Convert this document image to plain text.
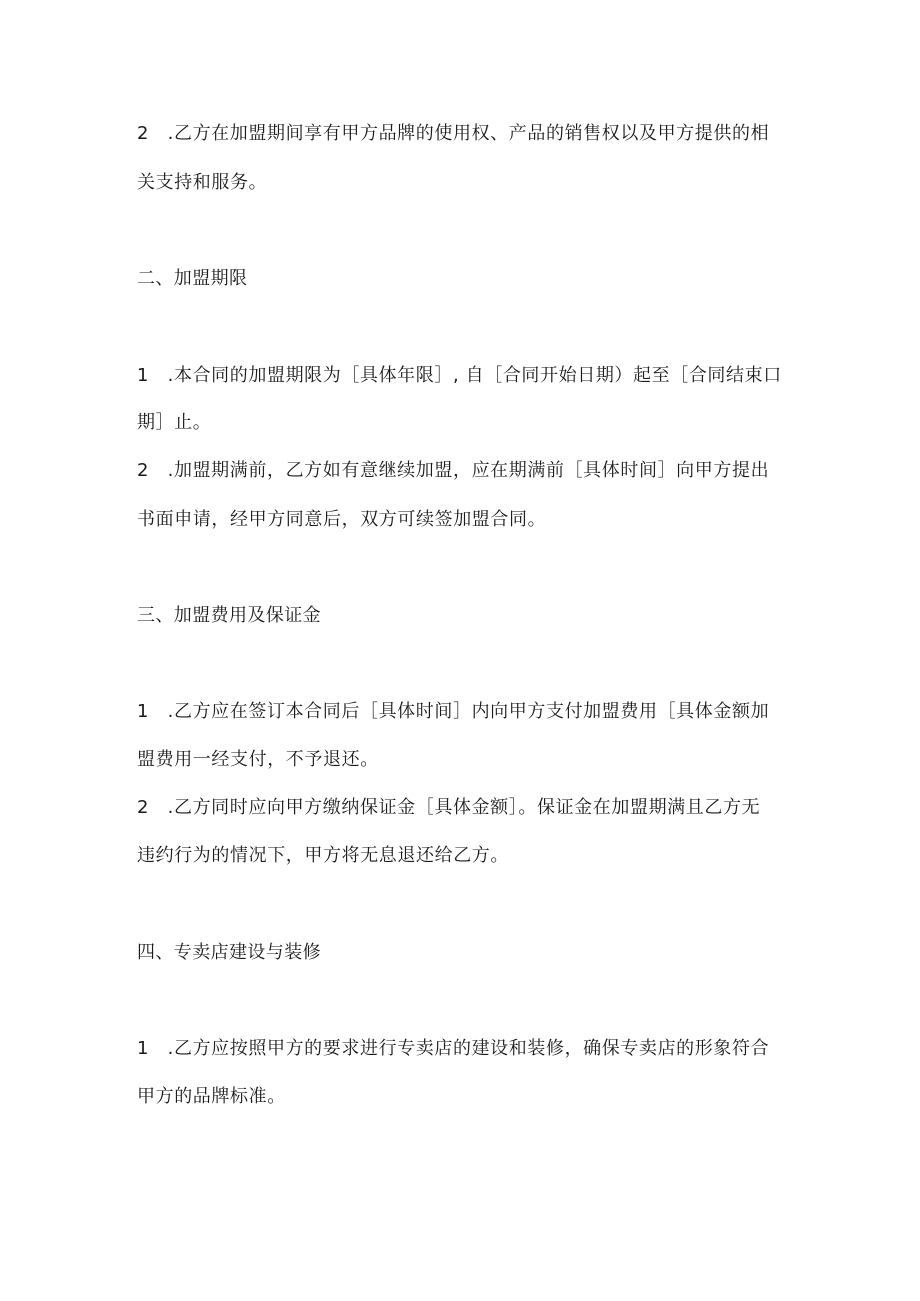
2　.乙方在加盟期间享有甲方品牌的使用权、产品的销售权以及甲方提供的相
关支持和服务。
二、加盟期限
1　.本合同的加盟期限为［具体年限］, 自［合同开始日期）起至［合同结束口
期］止。
2　.加盟期满前，乙方如有意继续加盟，应在期满前［具体时间］向甲方提出
书面申请，经甲方同意后，双方可续签加盟合同。
三、加盟费用及保证金
1　.乙方应在签订本合同后［具体时间］内向甲方支付加盟费用［具体金额加
盟费用一经支付，不予退还。
2　.乙方同时应向甲方缴纳保证金［具体金额］。保证金在加盟期满且乙方无
违约行为的情况下，甲方将无息退还给乙方。
四、专卖店建设与装修
1　.乙方应按照甲方的要求进行专卖店的建设和装修，确保专卖店的形象符合
甲方的品牌标准。
